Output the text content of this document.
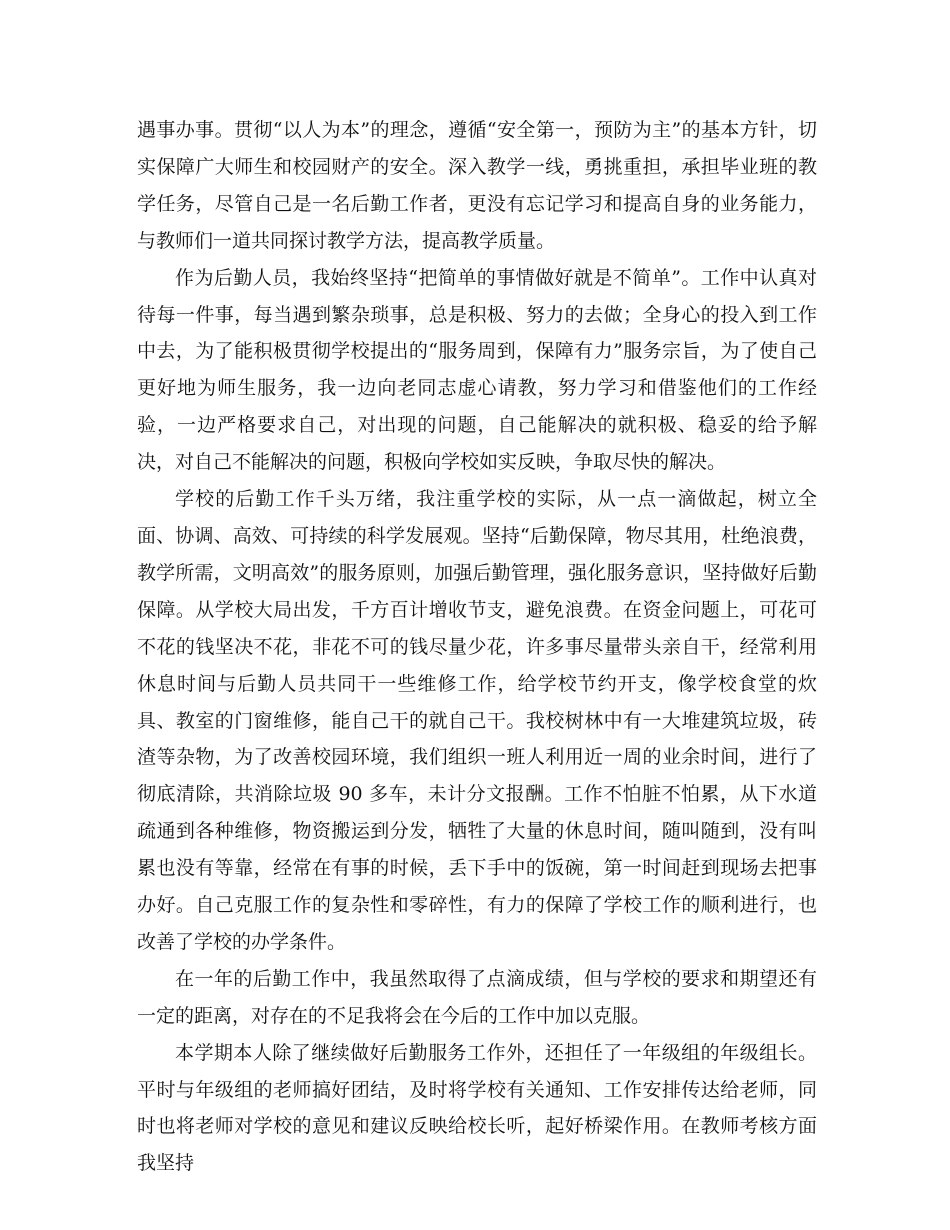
遇事办事。贯彻“以人为本”的理念，遵循“安全第一，预防为主”的基本方针，切实保障广大师生和校园财产的安全。深入教学一线，勇挑重担，承担毕业班的教学任务，尽管自己是一名后勤工作者，更没有忘记学习和提高自身的业务能力，与教师们一道共同探讨教学方法，提高教学质量。

作为后勤人员，我始终坚持“把简单的事情做好就是不简单”。工作中认真对待每一件事，每当遇到繁杂琐事，总是积极、努力的去做；全身心的投入到工作中去，为了能积极贯彻学校提出的“服务周到，保障有力”服务宗旨，为了使自己更好地为师生服务，我一边向老同志虚心请教，努力学习和借鉴他们的工作经验，一边严格要求自己，对出现的问题，自己能解决的就积极、稳妥的给予解决，对自己不能解决的问题，积极向学校如实反映，争取尽快的解决。

学校的后勤工作千头万绪，我注重学校的实际，从一点一滴做起，树立全面、协调、高效、可持续的科学发展观。坚持“后勤保障，物尽其用，杜绝浪费，教学所需，文明高效”的服务原则，加强后勤管理，强化服务意识，坚持做好后勤保障。从学校大局出发，千方百计增收节支，避免浪费。在资金问题上，可花可不花的钱坚决不花，非花不可的钱尽量少花，许多事尽量带头亲自干，经常利用休息时间与后勤人员共同干一些维修工作，给学校节约开支，像学校食堂的炊具、教室的门窗维修，能自己干的就自己干。我校树林中有一大堆建筑垃圾，砖渣等杂物，为了改善校园环境，我们组织一班人利用近一周的业余时间，进行了彻底清除，共消除垃圾 90 多车，未计分文报酬。工作不怕脏不怕累，从下水道疏通到各种维修，物资搬运到分发，牺牲了大量的休息时间，随叫随到，没有叫累也没有等靠，经常在有事的时候，丢下手中的饭碗，第一时间赶到现场去把事办好。自己克服工作的复杂性和零碎性，有力的保障了学校工作的顺利进行，也改善了学校的办学条件。

在一年的后勤工作中，我虽然取得了点滴成绩，但与学校的要求和期望还有一定的距离，对存在的不足我将会在今后的工作中加以克服。

本学期本人除了继续做好后勤服务工作外，还担任了一年级组的年级组长。平时与年级组的老师搞好团结，及时将学校有关通知、工作安排传达给老师，同时也将老师对学校的意见和建议反映给校长听，起好桥梁作用。在教师考核方面我坚持
